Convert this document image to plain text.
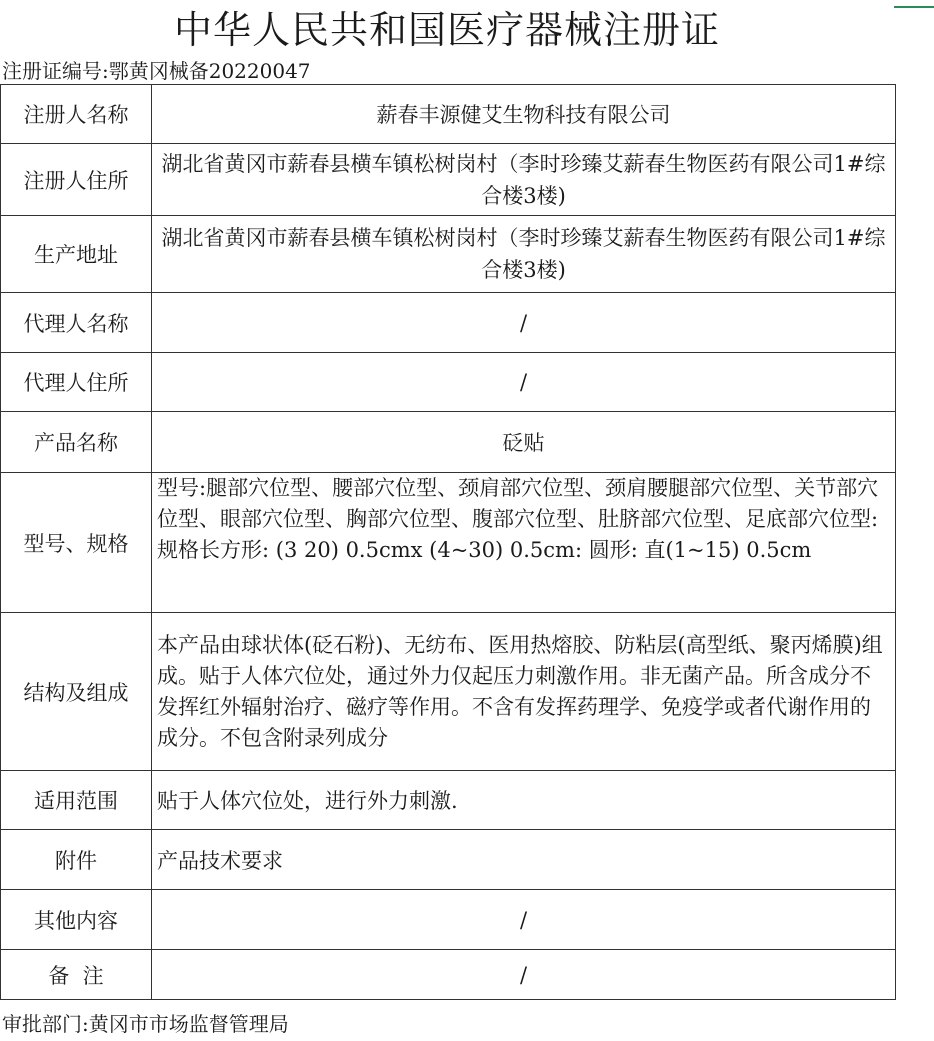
中华人民共和国医疗器械注册证
注册证编号:鄂黄冈械备20220047
注册人名称	薪春丰源健艾生物科技有限公司
注册人住所	湖北省黄冈市薪春县横车镇松树岗村（李时珍臻艾薪春生物医药有限公司1#综合楼3楼)

生产地址	湖北省黄冈市薪春县横车镇松树岗村（李时珍臻艾薪春生物医药有限公司1#综合楼3楼)

代理人名称	/
代理人住所	/
产品名称	砭贴
型号、规格	型号:腿部穴位型、腰部穴位型、颈肩部穴位型、颈肩腰腿部穴位型、关节部穴位型、眼部穴位型、胸部穴位型、腹部穴位型、肚脐部穴位型、足底部穴位型: 规格长方形: (3 20) 0.5cmx (4~30) 0.5cm: 圆形: 直(1~15) 0.5cm

结构及组成	本产品由球状体(砭石粉)、无纺布、医用热熔胶、防粘层(高型纸、聚丙烯膜)组成。贴于人体穴位处，通过外力仅起压力刺激作用。非无菌产品。所含成分不发挥红外辐射治疗、磁疗等作用。不含有发挥药理学、免疫学或者代谢作用的成分。不包含附录列成分

适用范围	贴于人体穴位处，进行外力刺激.
附件	产品技术要求
其他内容	/
备  注	/
审批部门:黄冈市市场监督管理局
